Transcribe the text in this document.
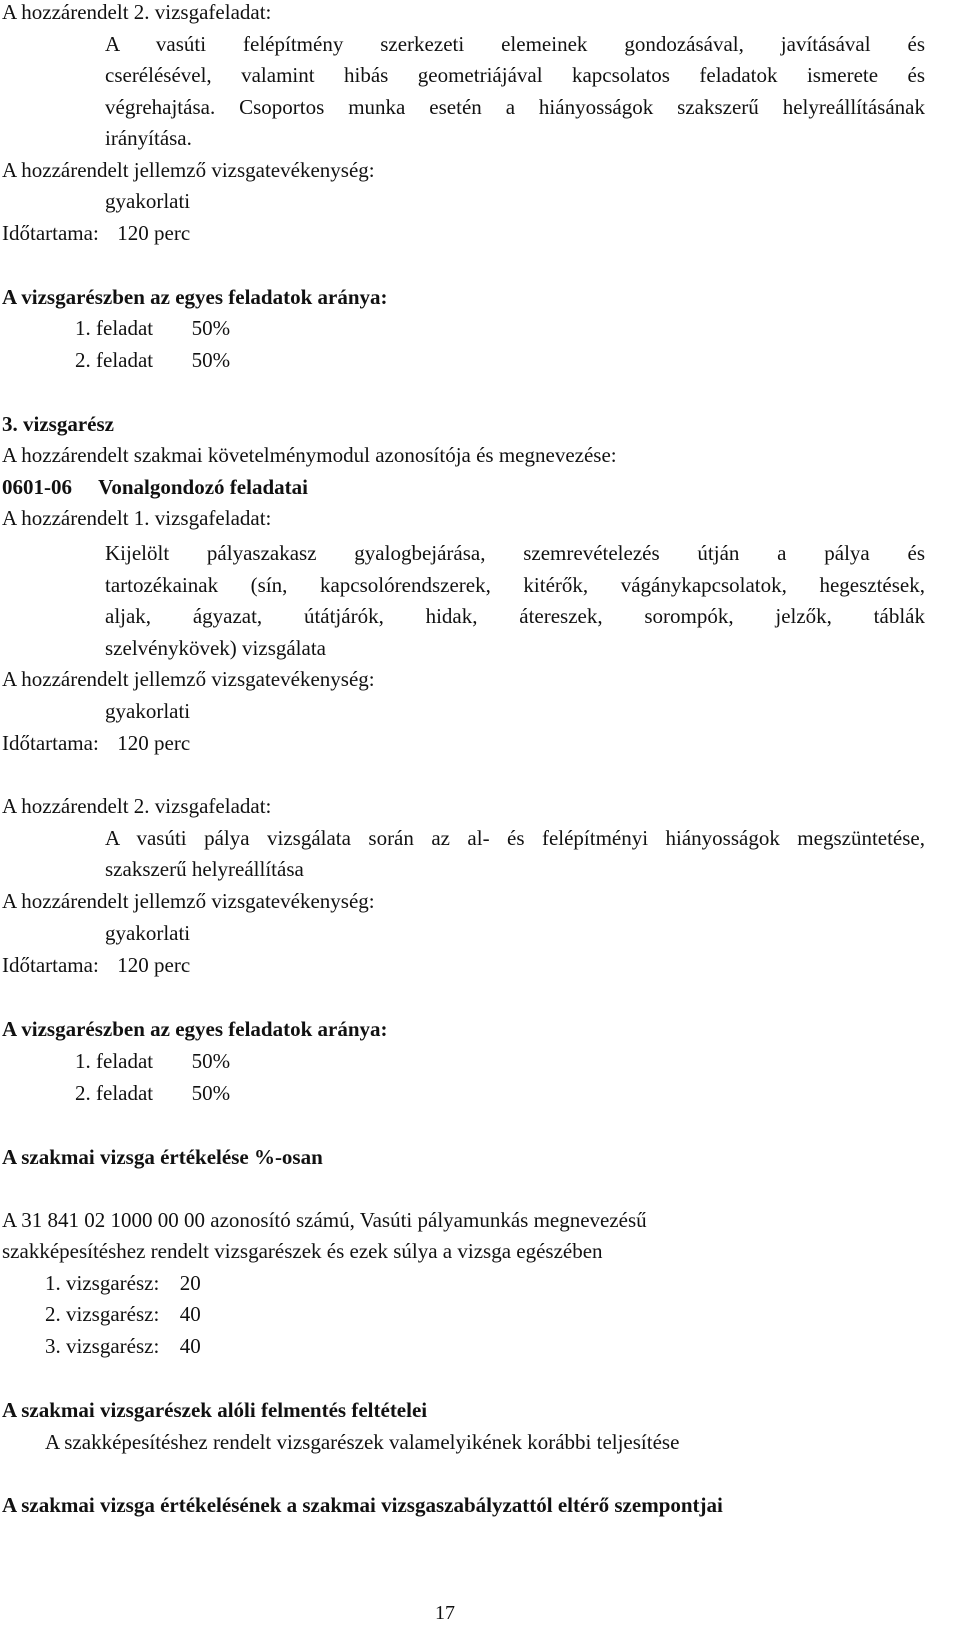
A hozzárendelt 2. vizsgafeladat:
A vasúti felépítmény szerkezeti elemeinek gondozásával, javításával és
cserélésével, valamint hibás geometriájával kapcsolatos feladatok ismerete és
végrehajtása. Csoportos munka esetén a hiányosságok szakszerű helyreállításának
irányítása.
A hozzárendelt jellemző vizsgatevékenység:
gyakorlati
Időtartama: 120 perc
A vizsgarészben az egyes feladatok aránya:
1. feladat 50%
2. feladat 50%
3. vizsgarész
A hozzárendelt szakmai követelménymodul azonosítója és megnevezése:
0601-06 Vonalgondozó feladatai
A hozzárendelt 1. vizsgafeladat:
Kijelölt pályaszakasz gyalogbejárása, szemrevételezés útján a pálya és
tartozékainak (sín, kapcsolórendszerek, kitérők, vágánykapcsolatok, hegesztések,
aljak, ágyazat, útátjárók, hidak, átereszek, sorompók, jelzők, táblák
szelvénykövek) vizsgálata
A hozzárendelt jellemző vizsgatevékenység:
gyakorlati
Időtartama: 120 perc
A hozzárendelt 2. vizsgafeladat:
A vasúti pálya vizsgálata során az al- és felépítményi hiányosságok megszüntetése,
szakszerű helyreállítása
A hozzárendelt jellemző vizsgatevékenység:
gyakorlati
Időtartama: 120 perc
A vizsgarészben az egyes feladatok aránya:
1. feladat 50%
2. feladat 50%
A szakmai vizsga értékelése %-osan
A 31 841 02 1000 00 00 azonosító számú, Vasúti pályamunkás megnevezésű
szakképesítéshez rendelt vizsgarészek és ezek súlya a vizsga egészében
1. vizsgarész: 20
2. vizsgarész: 40
3. vizsgarész: 40
A szakmai vizsgarészek alóli felmentés feltételei
A szakképesítéshez rendelt vizsgarészek valamelyikének korábbi teljesítése
A szakmai vizsga értékelésének a szakmai vizsgaszabályzattól eltérő szempontjai
17
